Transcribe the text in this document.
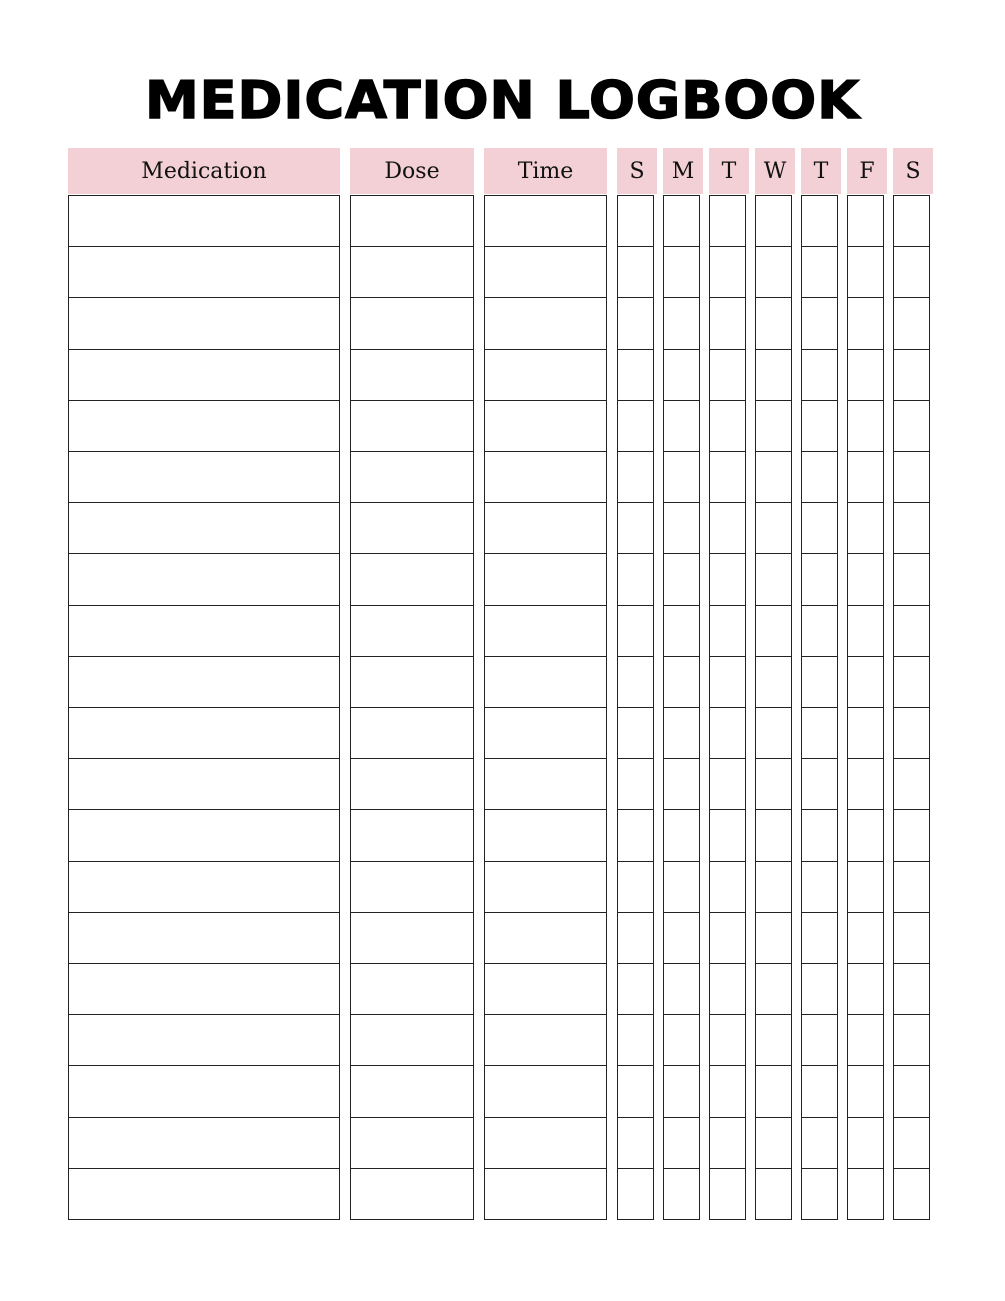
MEDICATION LOGBOOK
Medication	Dose	Time	S	M	T	W	T	F	S
